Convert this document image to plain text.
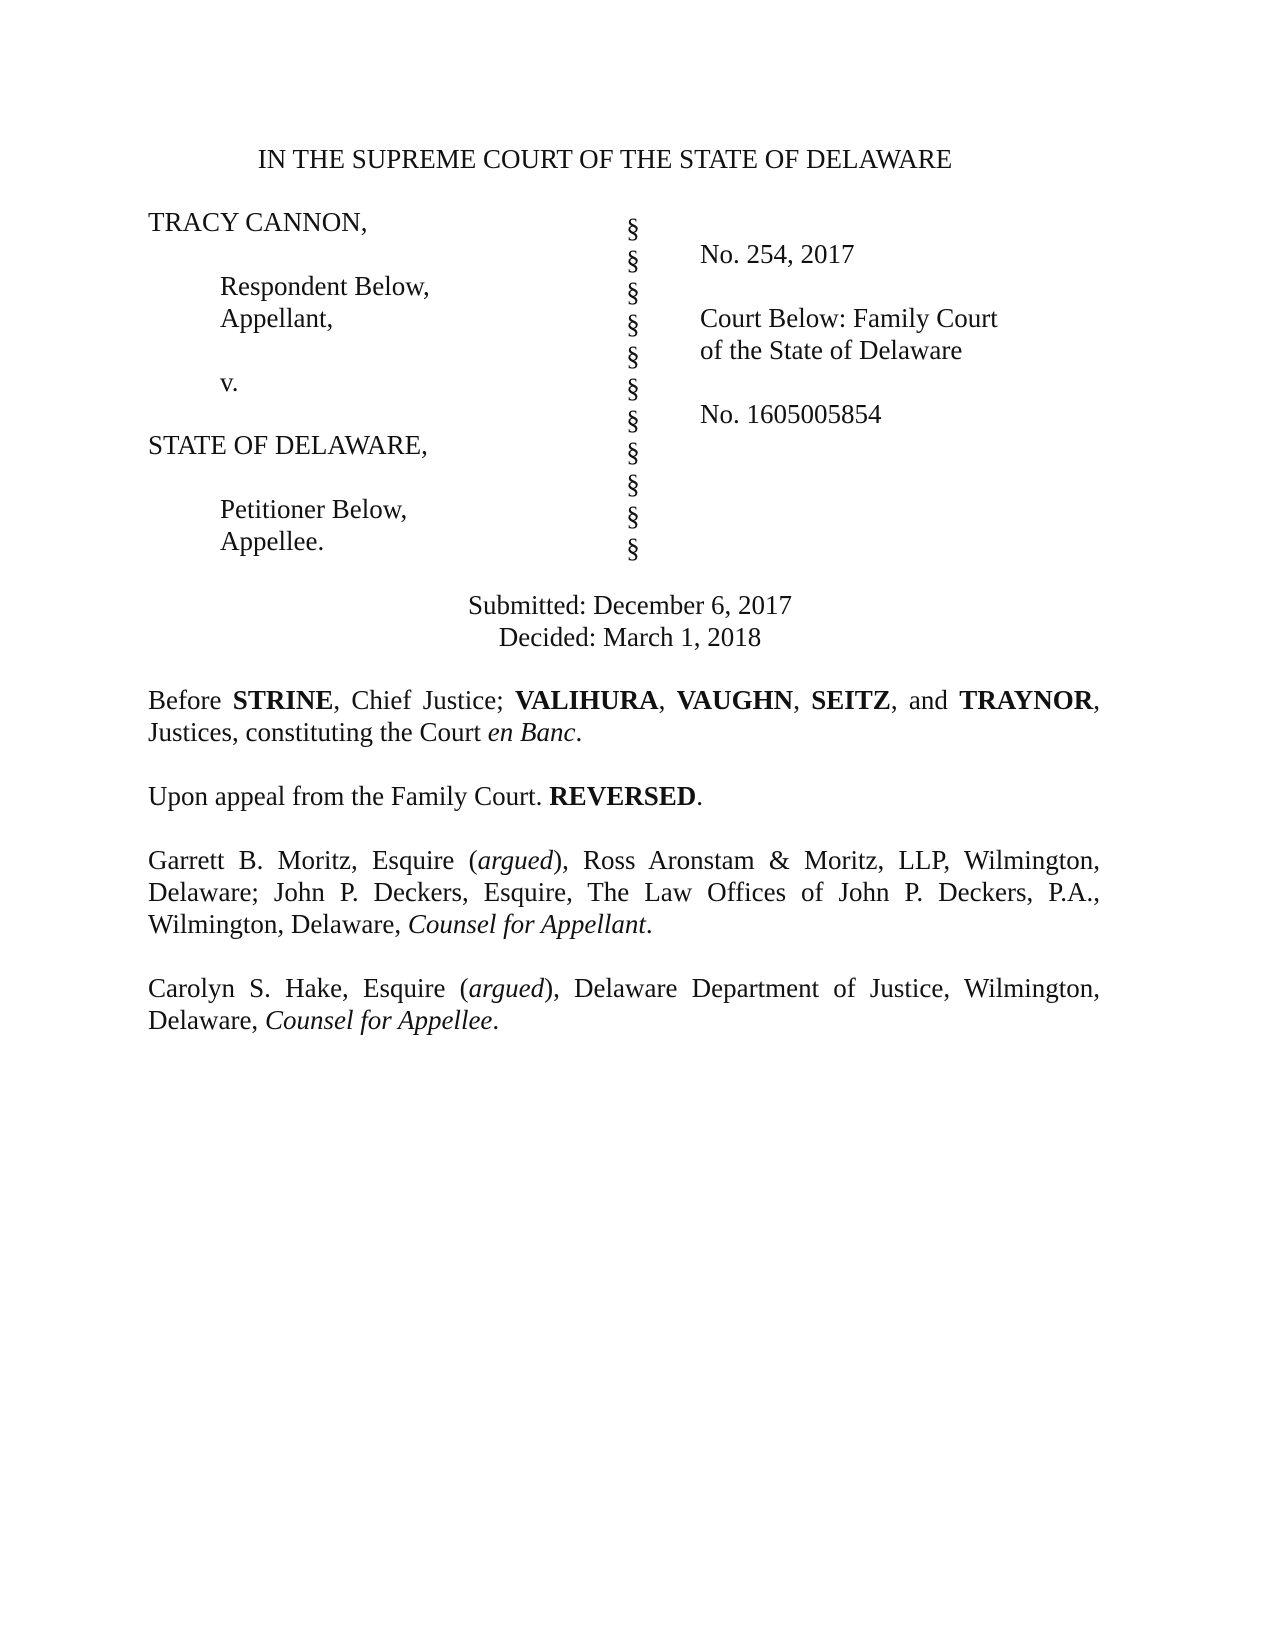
IN THE SUPREME COURT OF THE STATE OF DELAWARE
TRACY CANNON,
Respondent Below,
Appellant,
v.
STATE OF DELAWARE,
Petitioner Below,
Appellee.
§
§
§
§
§
§
§
§
§
§
§
No. 254, 2017
Court Below: Family Court
of the State of Delaware
No. 1605005854
Submitted: December 6, 2017
Decided: March 1, 2018
Before STRINE, Chief Justice; VALIHURA, VAUGHN, SEITZ, and TRAYNOR, Justices, constituting the Court en Banc.
Upon appeal from the Family Court. REVERSED.
Garrett B. Moritz, Esquire (argued), Ross Aronstam & Moritz, LLP, Wilmington, Delaware; John P. Deckers, Esquire, The Law Offices of John P. Deckers, P.A., Wilmington, Delaware, Counsel for Appellant.
Carolyn S. Hake, Esquire (argued), Delaware Department of Justice, Wilmington, Delaware, Counsel for Appellee.
